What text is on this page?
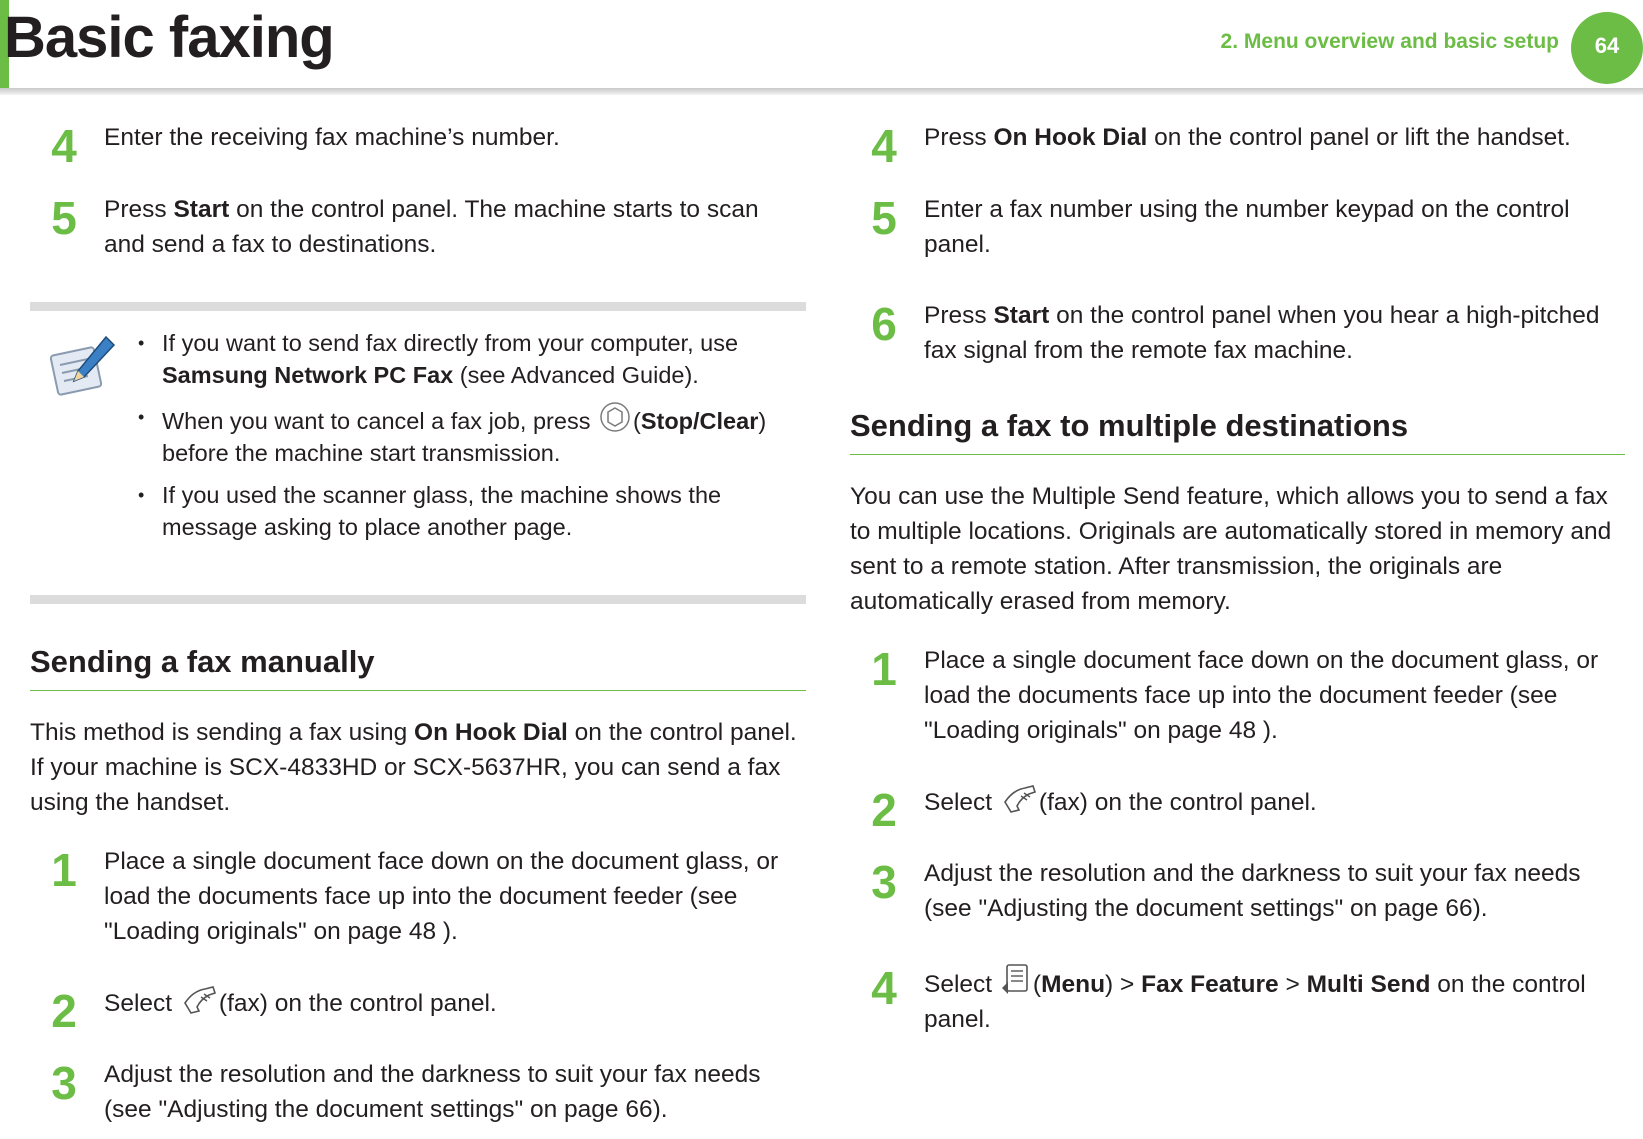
Basic faxing	2. Menu overview and basic setup	64
4 Enter the receiving fax machine’s number.
5 Press Start on the control panel. The machine starts to scan and send a fax to destinations.
• If you want to send fax directly from your computer, use Samsung Network PC Fax (see Advanced Guide).
• When you want to cancel a fax job, press (Stop/Clear) before the machine start transmission.
• If you used the scanner glass, the machine shows the message asking to place another page.
Sending a fax manually
This method is sending a fax using On Hook Dial on the control panel. If your machine is SCX-4833HD or SCX-5637HR, you can send a fax using the handset.
1 Place a single document face down on the document glass, or load the documents face up into the document feeder (see "Loading originals" on page 48 ).
2 Select (fax) on the control panel.
3 Adjust the resolution and the darkness to suit your fax needs (see "Adjusting the document settings" on page 66).
4 Press On Hook Dial on the control panel or lift the handset.
5 Enter a fax number using the number keypad on the control panel.
6 Press Start on the control panel when you hear a high-pitched fax signal from the remote fax machine.
Sending a fax to multiple destinations
You can use the Multiple Send feature, which allows you to send a fax to multiple locations. Originals are automatically stored in memory and sent to a remote station. After transmission, the originals are automatically erased from memory.
1 Place a single document face down on the document glass, or load the documents face up into the document feeder (see "Loading originals" on page 48 ).
2 Select (fax) on the control panel.
3 Adjust the resolution and the darkness to suit your fax needs (see "Adjusting the document settings" on page 66).
4 Select (Menu) > Fax Feature > Multi Send on the control panel.
